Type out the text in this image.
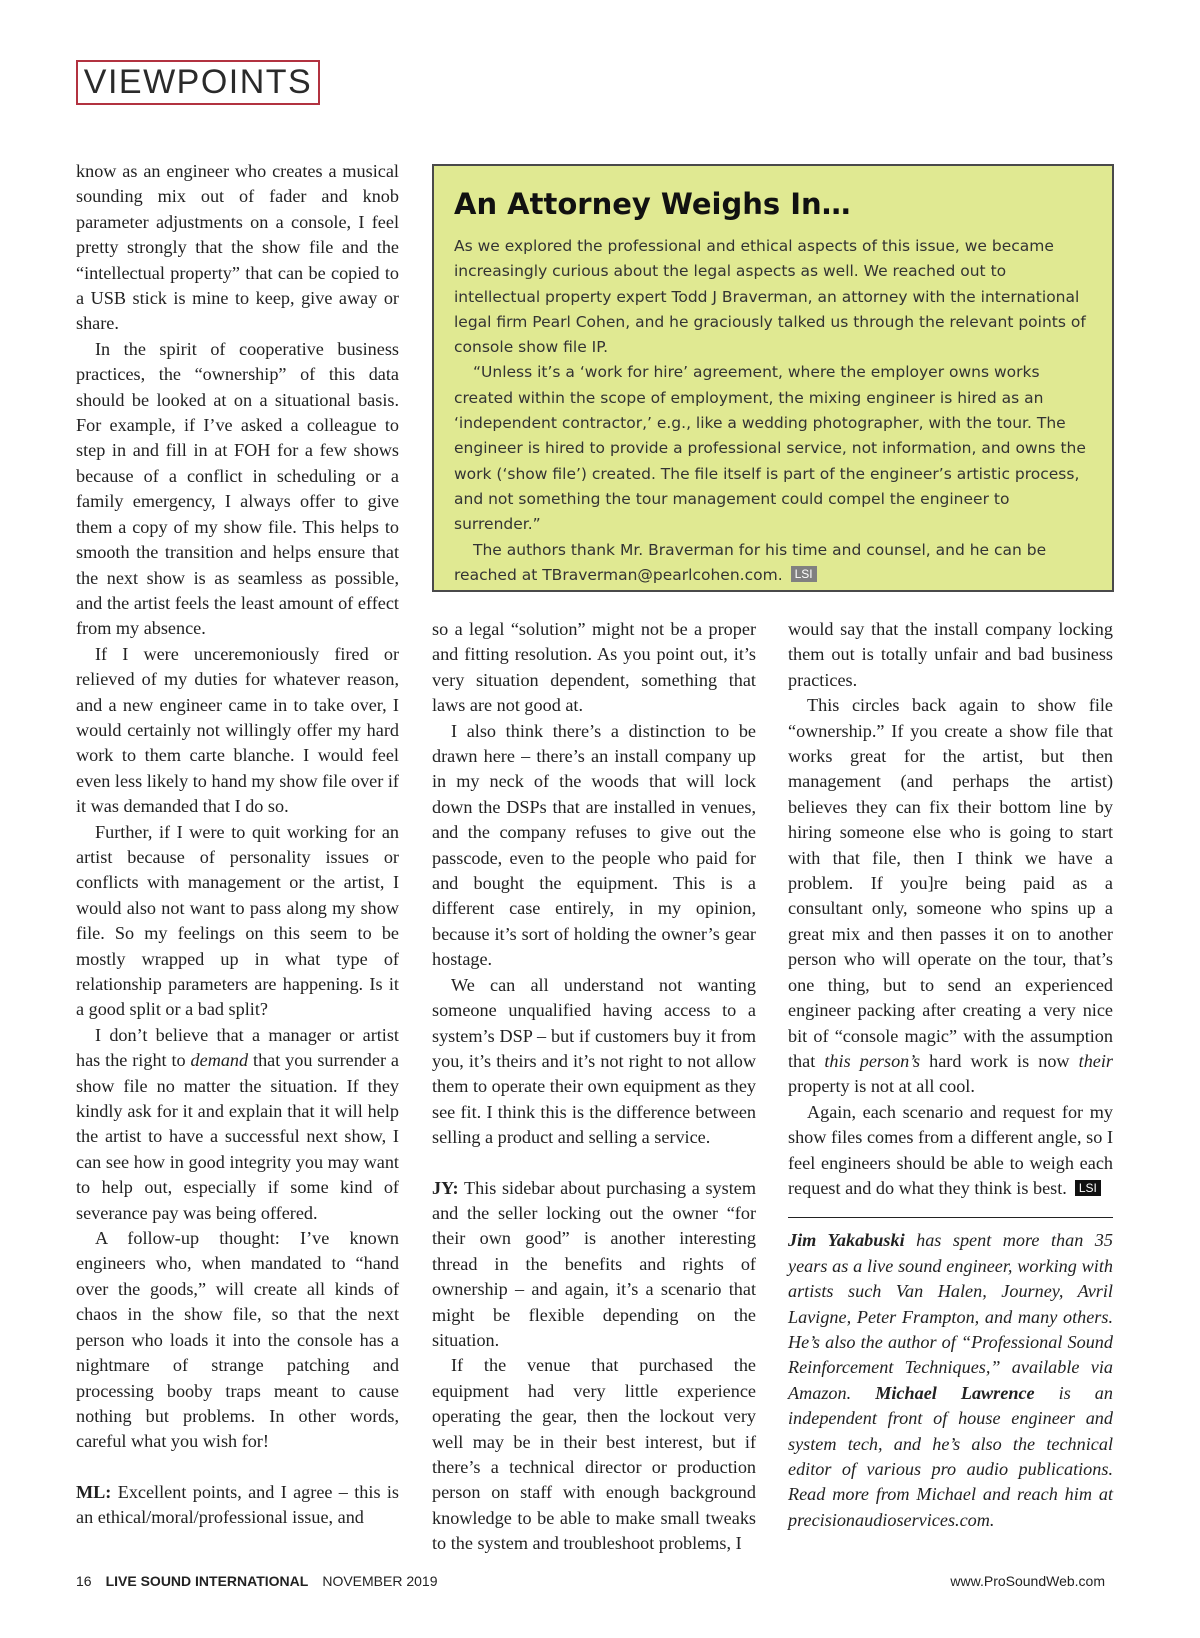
VIEWPOINTS

know as an engineer who creates a musical sounding mix out of fader and knob parameter adjustments on a console, I feel pretty strongly that the show file and the “intellectual property” that can be copied to a USB stick is mine to keep, give away or share.

In the spirit of cooperative business practices, the “ownership” of this data should be looked at on a situational basis. For example, if I’ve asked a colleague to step in and fill in at FOH for a few shows because of a conflict in scheduling or a family emergency, I always offer to give them a copy of my show file. This helps to smooth the transition and helps ensure that the next show is as seamless as possible, and the artist feels the least amount of effect from my absence.

If I were unceremoniously fired or relieved of my duties for whatever reason, and a new engineer came in to take over, I would certainly not willingly offer my hard work to them carte blanche. I would feel even less likely to hand my show file over if it was demanded that I do so.

Further, if I were to quit working for an artist because of personality issues or conflicts with management or the artist, I would also not want to pass along my show file. So my feelings on this seem to be mostly wrapped up in what type of relationship parameters are happening. Is it a good split or a bad split?

I don’t believe that a manager or artist has the right to demand that you surrender a show file no matter the situation. If they kindly ask for it and explain that it will help the artist to have a successful next show, I can see how in good integrity you may want to help out, especially if some kind of severance pay was being offered.

A follow-up thought: I’ve known engineers who, when mandated to “hand over the goods,” will create all kinds of chaos in the show file, so that the next person who loads it into the console has a nightmare of strange patching and processing booby traps meant to cause nothing but problems. In other words, careful what you wish for!

ML: Excellent points, and I agree – this is an ethical/moral/professional issue, and

An Attorney Weighs In…

As we explored the professional and ethical aspects of this issue, we became increasingly curious about the legal aspects as well. We reached out to intellectual property expert Todd J Braverman, an attorney with the international legal firm Pearl Cohen, and he graciously talked us through the relevant points of console show file IP.

“Unless it’s a ‘work for hire’ agreement, where the employer owns works created within the scope of employment, the mixing engineer is hired as an ‘independent contractor,’ e.g., like a wedding photographer, with the tour. The engineer is hired to provide a professional service, not information, and owns the work (‘show file’) created. The file itself is part of the engineer’s artistic process, and not something the tour management could compel the engineer to surrender.”

The authors thank Mr. Braverman for his time and counsel, and he can be reached at TBraverman@pearlcohen.com. LSI

so a legal “solution” might not be a proper and fitting resolution. As you point out, it’s very situation dependent, something that laws are not good at.

I also think there’s a distinction to be drawn here – there’s an install company up in my neck of the woods that will lock down the DSPs that are installed in venues, and the company refuses to give out the passcode, even to the people who paid for and bought the equipment. This is a different case entirely, in my opinion, because it’s sort of holding the owner’s gear hostage.

We can all understand not wanting someone unqualified having access to a system’s DSP – but if customers buy it from you, it’s theirs and it’s not right to not allow them to operate their own equipment as they see fit. I think this is the difference between selling a product and selling a service.

JY: This sidebar about purchasing a system and the seller locking out the owner “for their own good” is another interesting thread in the benefits and rights of ownership – and again, it’s a scenario that might be flexible depending on the situation.

If the venue that purchased the equipment had very little experience operating the gear, then the lockout very well may be in their best interest, but if there’s a technical director or production person on staff with enough background knowledge to be able to make small tweaks to the system and troubleshoot problems, I

would say that the install company locking them out is totally unfair and bad business practices.

This circles back again to show file “ownership.” If you create a show file that works great for the artist, but then management (and perhaps the artist) believes they can fix their bottom line by hiring someone else who is going to start with that file, then I think we have a problem. If you]re being paid as a consultant only, someone who spins up a great mix and then passes it on to another person who will operate on the tour, that’s one thing, but to send an experienced engineer packing after creating a very nice bit of “console magic” with the assumption that this person’s hard work is now their property is not at all cool.

Again, each scenario and request for my show files comes from a different angle, so I feel engineers should be able to weigh each request and do what they think is best. LSI

Jim Yakabuski has spent more than 35 years as a live sound engineer, working with artists such Van Halen, Journey, Avril Lavigne, Peter Frampton, and many others. He’s also the author of “Professional Sound Reinforcement Techniques,” available via Amazon. Michael Lawrence is an independent front of house engineer and system tech, and he’s also the technical editor of various pro audio publications. Read more from Michael and reach him at precisionaudioservices.com.

16 LIVE SOUND INTERNATIONAL NOVEMBER 2019	www.ProSoundWeb.com
